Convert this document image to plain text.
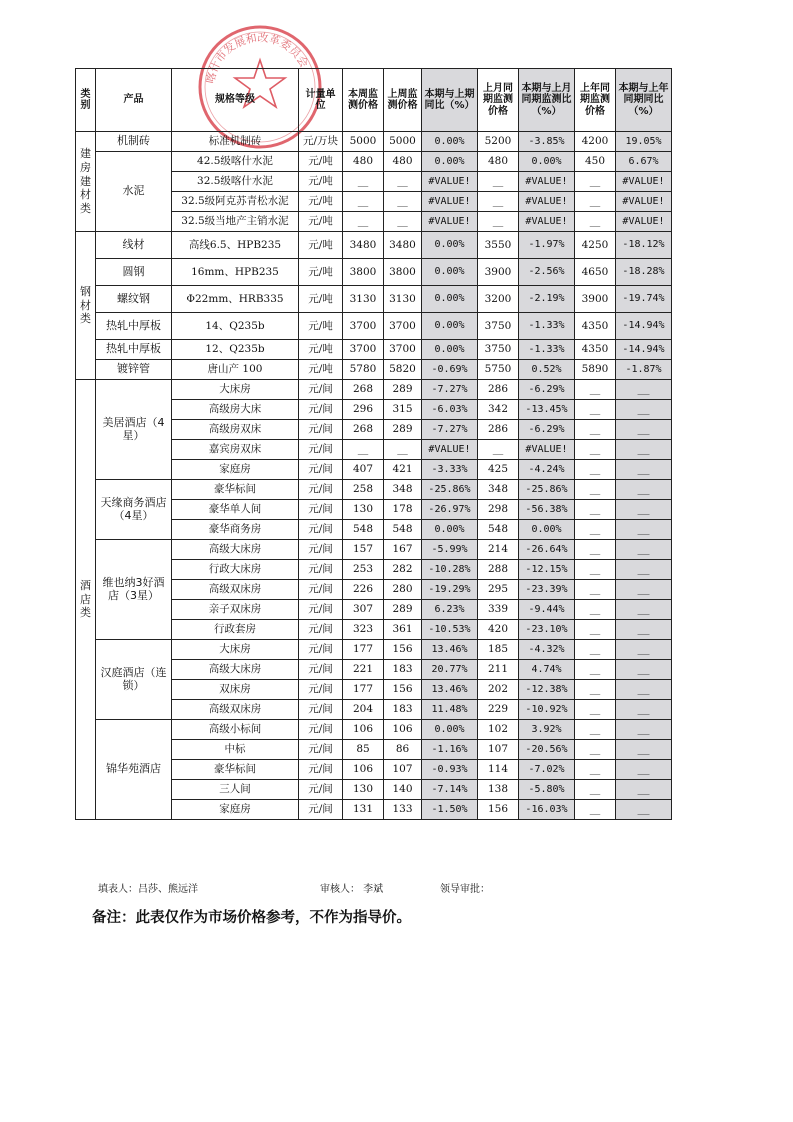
喀什市发展和改革委员会
类别	产品	规格等级	计量单位	本周监测价格	上周监测价格	本期与上期同比（%）	上月同期监测价格	本期与上月同期监测比（%）	上年同期监测价格	本期与上年同期同比（%）
建房建材类	机制砖	标准机制砖	元/万块	5000	5000	0.00%	5200	-3.85%	4200	19.05%
	水泥	42.5级喀什水泥	元/吨	480	480	0.00%	480	0.00%	450	6.67%
		32.5级喀什水泥	元/吨	__	__	#VALUE!	__	#VALUE!	__	#VALUE!
		32.5级阿克苏青松水泥	元/吨	__	__	#VALUE!	__	#VALUE!	__	#VALUE!
		32.5级当地产主销水泥	元/吨	__	__	#VALUE!	__	#VALUE!	__	#VALUE!
钢材类	线材	高线6.5、HPB235	元/吨	3480	3480	0.00%	3550	-1.97%	4250	-18.12%
	圆钢	16mm、HPB235	元/吨	3800	3800	0.00%	3900	-2.56%	4650	-18.28%
	螺纹钢	Φ22mm、HRB335	元/吨	3130	3130	0.00%	3200	-2.19%	3900	-19.74%
	热轧中厚板	14、Q235b	元/吨	3700	3700	0.00%	3750	-1.33%	4350	-14.94%
	热轧中厚板	12、Q235b	元/吨	3700	3700	0.00%	3750	-1.33%	4350	-14.94%
	镀锌管	唐山产 100	元/吨	5780	5820	-0.69%	5750	0.52%	5890	-1.87%
酒店类	美居酒店（4星）	大床房	元/间	268	289	-7.27%	286	-6.29%	__	__
		高级房大床	元/间	296	315	-6.03%	342	-13.45%	__	__
		高级房双床	元/间	268	289	-7.27%	286	-6.29%	__	__
		嘉宾房双床	元/间	__	__	#VALUE!	__	#VALUE!	__	__
		家庭房	元/间	407	421	-3.33%	425	-4.24%	__	__
	天缘商务酒店（4星）	豪华标间	元/间	258	348	-25.86%	348	-25.86%	__	__
		豪华单人间	元/间	130	178	-26.97%	298	-56.38%	__	__
		豪华商务房	元/间	548	548	0.00%	548	0.00%	__	__
	维也纳3好酒店（3星）	高级大床房	元/间	157	167	-5.99%	214	-26.64%	__	__
		行政大床房	元/间	253	282	-10.28%	288	-12.15%	__	__
		高级双床房	元/间	226	280	-19.29%	295	-23.39%	__	__
		亲子双床房	元/间	307	289	6.23%	339	-9.44%	__	__
		行政套房	元/间	323	361	-10.53%	420	-23.10%	__	__
	汉庭酒店（连锁）	大床房	元/间	177	156	13.46%	185	-4.32%	__	__
		高级大床房	元/间	221	183	20.77%	211	4.74%	__	__
		双床房	元/间	177	156	13.46%	202	-12.38%	__	__
		高级双床房	元/间	204	183	11.48%	229	-10.92%	__	__
	锦华苑酒店	高级小标间	元/间	106	106	0.00%	102	3.92%	__	__
		中标	元/间	85	86	-1.16%	107	-20.56%	__	__
		豪华标间	元/间	106	107	-0.93%	114	-7.02%	__	__
		三人间	元/间	130	140	-7.14%	138	-5.80%	__	__
		家庭房	元/间	131	133	-1.50%	156	-16.03%	__	__
填表人：吕莎、熊远洋	审核人： 李斌	领导审批：
备注：此表仅作为市场价格参考，不作为指导价。
